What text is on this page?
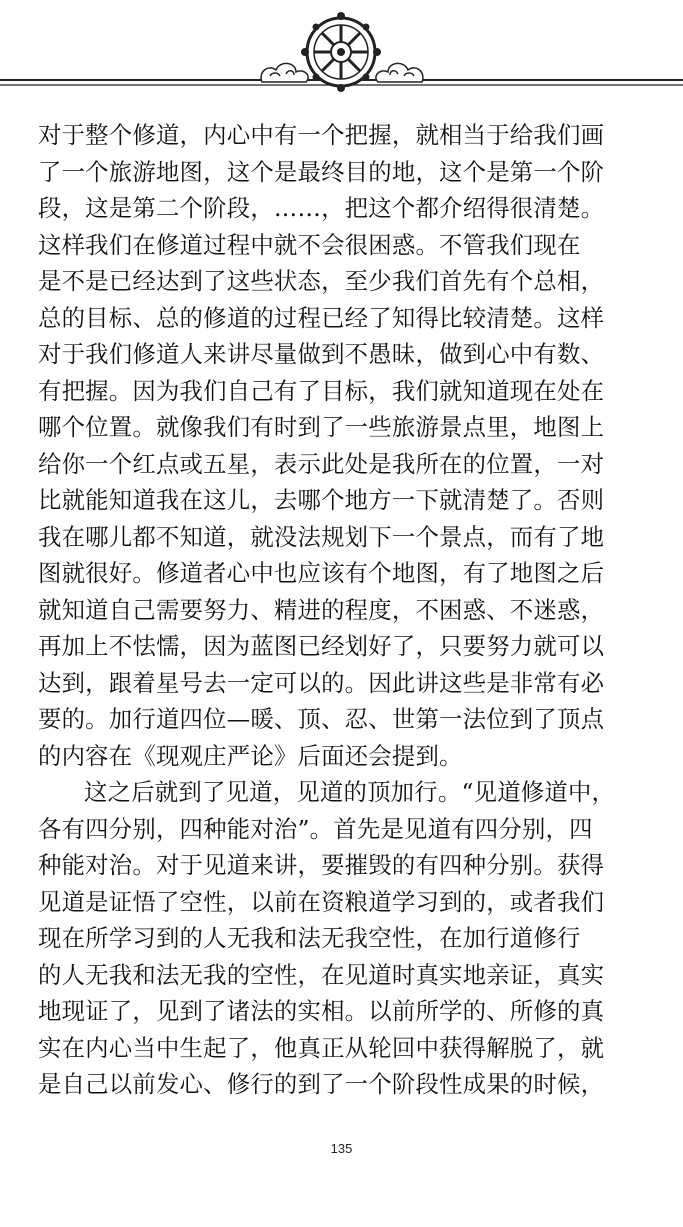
对于整个修道，内心中有一个把握，就相当于给我们画

了一个旅游地图，这个是最终目的地，这个是第一个阶

段，这是第二个阶段，……，把这个都介绍得很清楚。

这样我们在修道过程中就不会很困惑。不管我们现在

是不是已经达到了这些状态，至少我们首先有个总相，

总的目标、总的修道的过程已经了知得比较清楚。这样

对于我们修道人来讲尽量做到不愚昧，做到心中有数、

有把握。因为我们自己有了目标，我们就知道现在处在

哪个位置。就像我们有时到了一些旅游景点里，地图上

给你一个红点或五星，表示此处是我所在的位置，一对

比就能知道我在这儿，去哪个地方一下就清楚了。否则

我在哪儿都不知道，就没法规划下一个景点，而有了地

图就很好。修道者心中也应该有个地图，有了地图之后

就知道自己需要努力、精进的程度，不困惑、不迷惑，

再加上不怯懦，因为蓝图已经划好了，只要努力就可以

达到，跟着星号去一定可以的。因此讲这些是非常有必

要的。加行道四位—暖、顶、忍、世第一法位到了顶点

的内容在《现观庄严论》后面还会提到。

这之后就到了见道，见道的顶加行。“见道修道中，

各有四分别，四种能对治”。首先是见道有四分别，四

种能对治。对于见道来讲，要摧毁的有四种分别。获得

见道是证悟了空性，以前在资粮道学习到的，或者我们

现在所学习到的人无我和法无我空性，在加行道修行

的人无我和法无我的空性，在见道时真实地亲证，真实

地现证了，见到了诸法的实相。以前所学的、所修的真

实在内心当中生起了，他真正从轮回中获得解脱了，就

是自己以前发心、修行的到了一个阶段性成果的时候，

135
